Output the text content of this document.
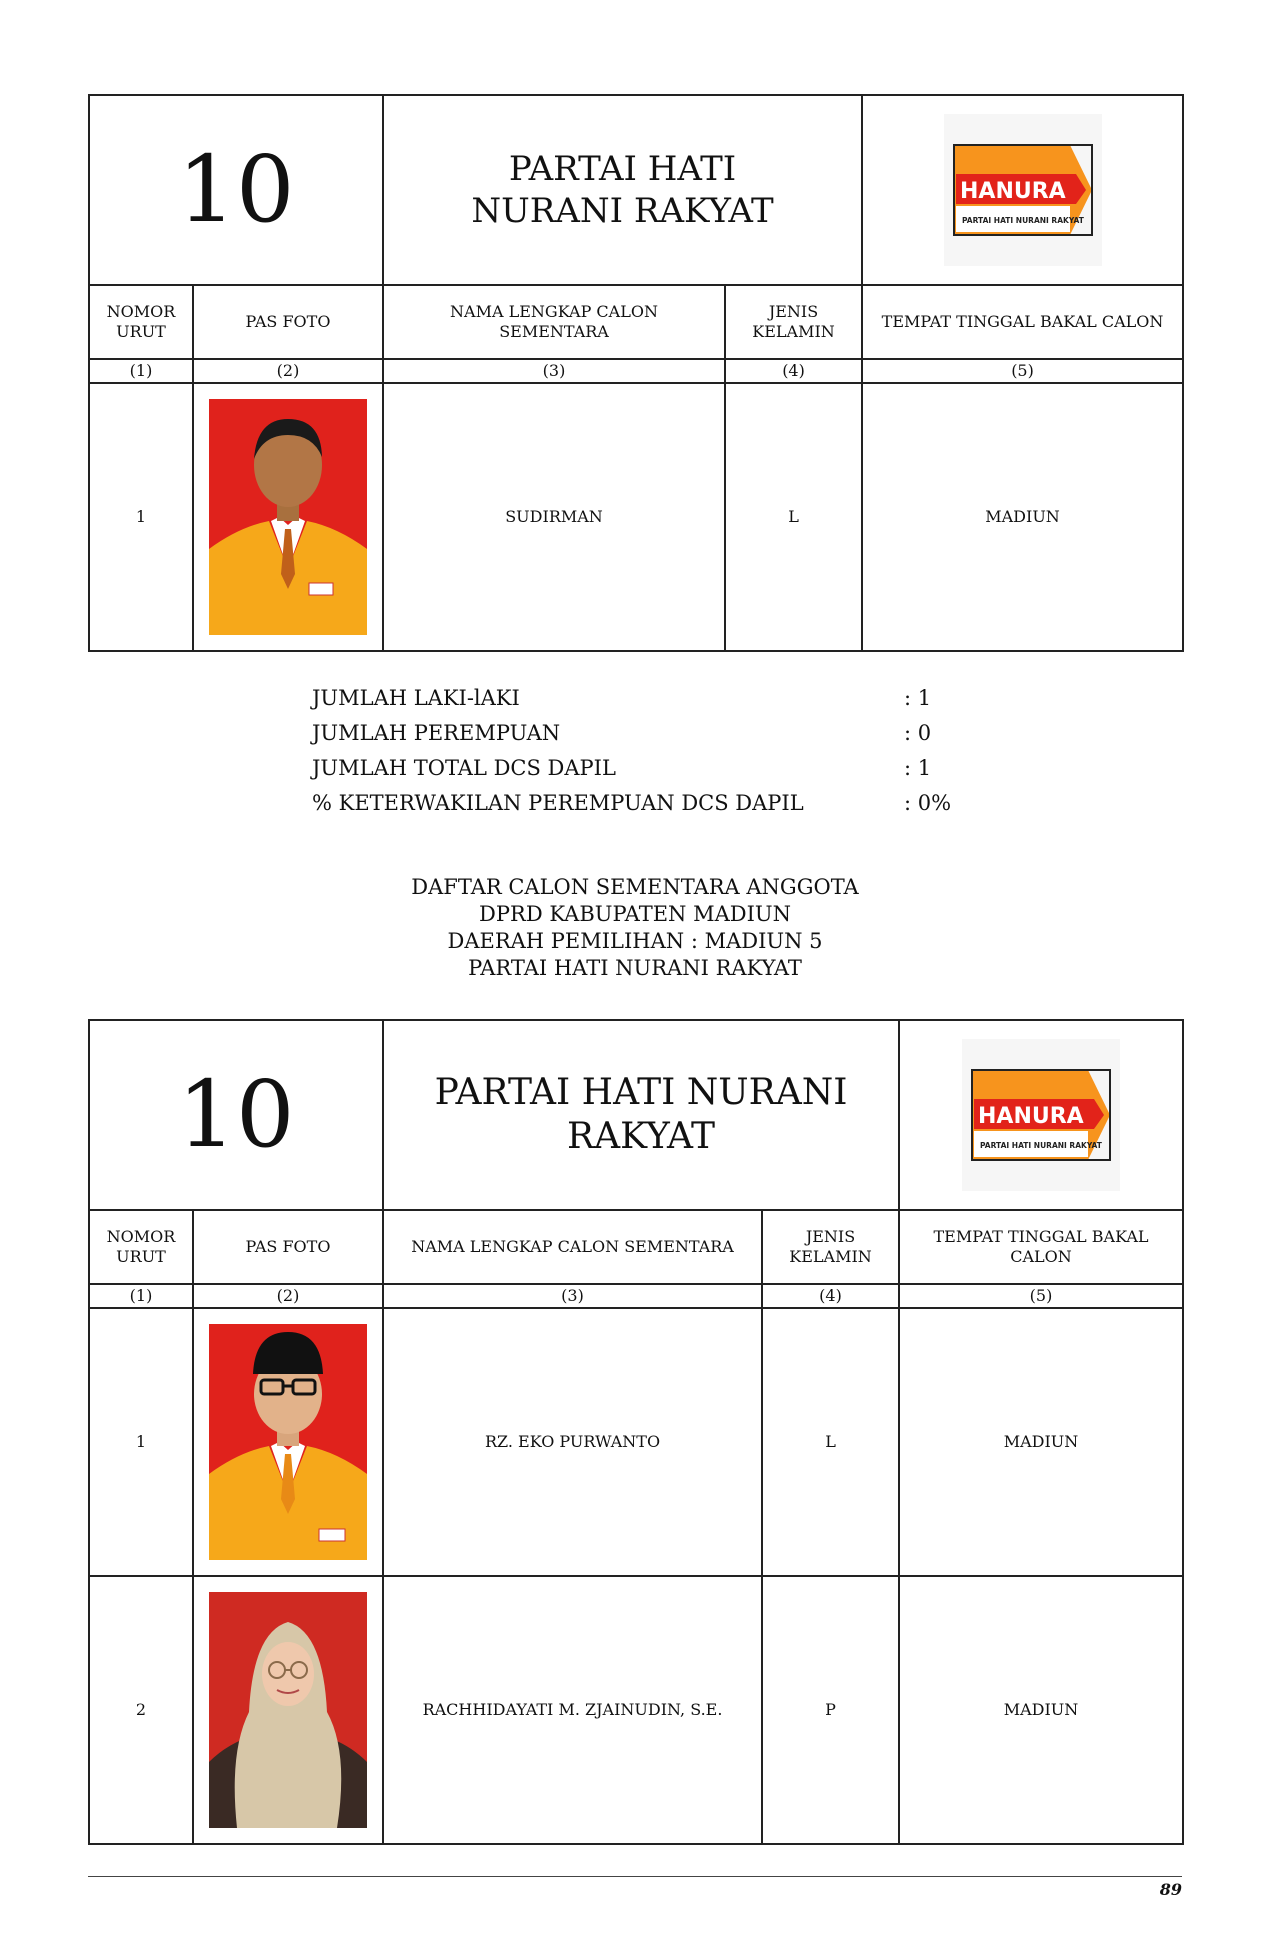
10		PARTAI HATI NURANI RAKYAT		HANURA
PARTAI HATI NURANI RAKYAT

NOMOR URUT	PAS FOTO	NAMA LENGKAP CALON SEMENTARA	JENIS KELAMIN	TEMPAT TINGGAL BAKAL CALON
(1)	(2)	(3)	(4)	(5)
1		SUDIRMAN	L	MADIUN
JUMLAH LAKI-lAKI	: 1
JUMLAH PEREMPUAN	: 0
JUMLAH TOTAL DCS DAPIL	: 1
% KETERWAKILAN PEREMPUAN DCS DAPIL	: 0%
DAFTAR CALON SEMENTARA ANGGOTA
DPRD KABUPATEN MADIUN
DAERAH PEMILIHAN : MADIUN 5
PARTAI HATI NURANI RAKYAT
10		PARTAI HATI NURANI RAKYAT		HANURA
PARTAI HATI NURANI RAKYAT

NOMOR URUT	PAS FOTO	NAMA LENGKAP CALON SEMENTARA	JENIS KELAMIN	TEMPAT TINGGAL BAKAL CALON
(1)	(2)	(3)	(4)	(5)
1		RZ. EKO PURWANTO	L	MADIUN
2		RACHHIDAYATI M. ZJAINUDIN, S.E.	P	MADIUN
89
